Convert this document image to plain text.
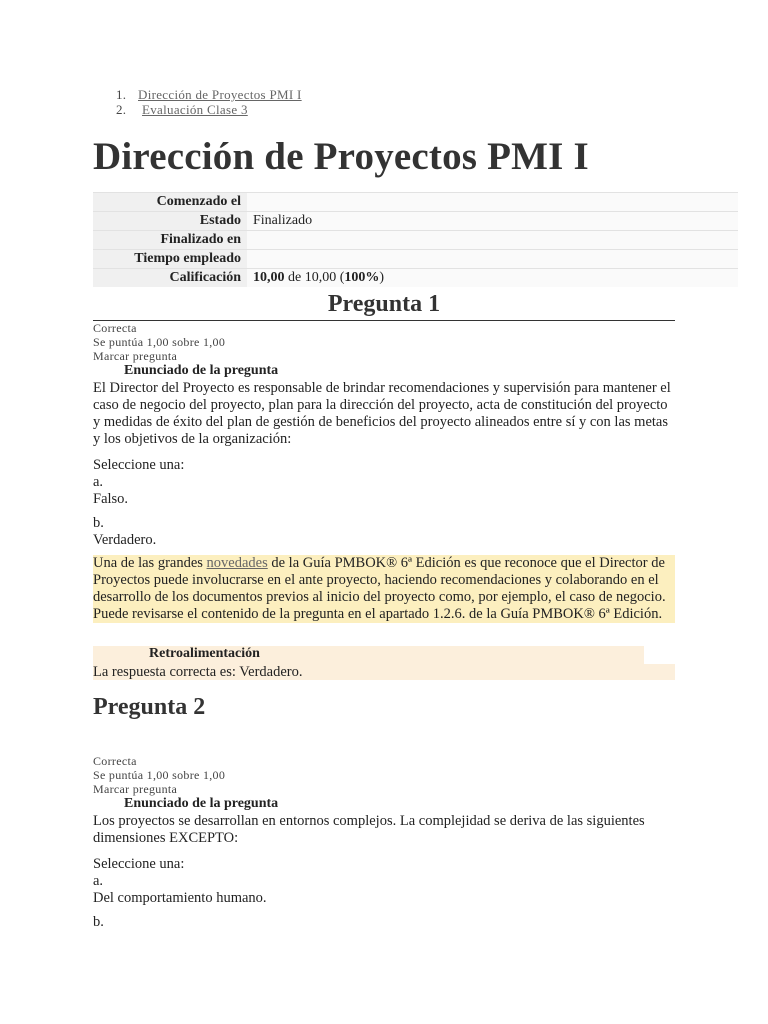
1. Dirección de Proyectos PMI I
2. Evaluación Clase 3
Dirección de Proyectos PMI I
Comenzado el	
Estado	Finalizado
Finalizado en	
Tiempo empleado	
Calificación	10,00 de 10,00 (100%)
Pregunta 1
Correcta
Se puntúa 1,00 sobre 1,00
Marcar pregunta
Enunciado de la pregunta
El Director del Proyecto es responsable de brindar recomendaciones y supervisión para mantener el caso de negocio del proyecto, plan para la dirección del proyecto, acta de constitución del proyecto y medidas de éxito del plan de gestión de beneficios del proyecto alineados entre sí y con las metas y los objetivos de la organización:
Seleccione una:
a.
Falso.
b.
Verdadero.
Una de las grandes novedades de la Guía PMBOK® 6ª Edición es que reconoce que el Director de Proyectos puede involucrarse en el ante proyecto, haciendo recomendaciones y colaborando en el desarrollo de los documentos previos al inicio del proyecto como, por ejemplo, el caso de negocio. Puede revisarse el contenido de la pregunta en el apartado 1.2.6. de la Guía PMBOK® 6ª Edición.
Retroalimentación
La respuesta correcta es: Verdadero.
Pregunta 2
Correcta
Se puntúa 1,00 sobre 1,00
Marcar pregunta
Enunciado de la pregunta
Los proyectos se desarrollan en entornos complejos. La complejidad se deriva de las siguientes dimensiones EXCEPTO:
Seleccione una:
a.
Del comportamiento humano.
b.
